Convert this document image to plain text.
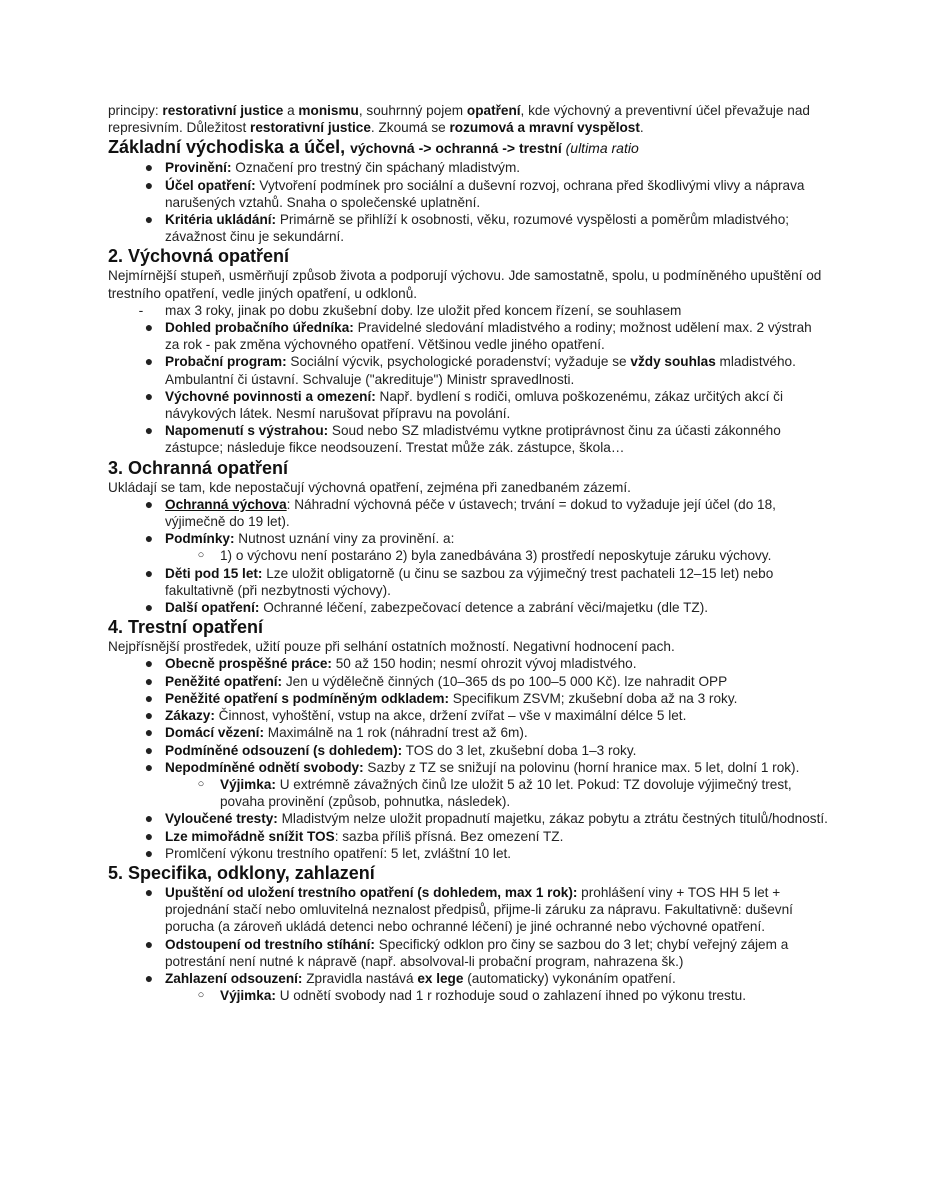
principy: restorativní justice a monismu, souhrnný pojem opatření, kde výchovný a preventivní účel převažuje nad represivním. Důležitost restorativní justice. Zkoumá se rozumová a mravní vyspělost.

Základní východiska a účel, výchovná -> ochranná -> trestní (ultima ratio
● Provinění: Označení pro trestný čin spáchaný mladistvým.
● Účel opatření: Vytvoření podmínek pro sociální a duševní rozvoj, ochrana před škodlivými vlivy a náprava narušených vztahů. Snaha o společenské uplatnění.
● Kritéria ukládání: Primárně se přihlíží k osobnosti, věku, rozumové vyspělosti a poměrům mladistvého; závažnost činu je sekundární.
2. Výchovná opatření

Nejmírnější stupeň, usměrňují způsob života a podporují výchovu. Jde samostatně, spolu, u podmíněného upuštění od trestního opatření, vedle jiných opatření, u odklonů.

-	max 3 roky, jinak po dobu zkušební doby. lze uložit před koncem řízení, se souhlasem
● Dohled probačního úředníka: Pravidelné sledování mladistvého a rodiny; možnost udělení max. 2 výstrah za rok - pak změna výchovného opatření. Většinou vedle jiného opatření.
● Probační program: Sociální výcvik, psychologické poradenství; vyžaduje se vždy souhlas mladistvého. Ambulantní či ústavní. Schvaluje ("akredituje") Ministr spravedlnosti.
● Výchovné povinnosti a omezení: Např. bydlení s rodiči, omluva poškozenému, zákaz určitých akcí či návykových látek. Nesmí narušovat přípravu na povolání.
● Napomenutí s výstrahou: Soud nebo SZ mladistvému vytkne protiprávnost činu za účasti zákonného zástupce; následuje fikce neodsouzení. Trestat může zák. zástupce, škola…
3. Ochranná opatření

Ukládají se tam, kde nepostačují výchovná opatření, zejména při zanedbaném zázemí.

● Ochranná výchova: Náhradní výchovná péče v ústavech; trvání = dokud to vyžaduje její účel (do 18, výjimečně do 19 let).
● Podmínky: Nutnost uznání viny za provinění. a:
○ 1) o výchovu není postaráno 2) byla zanedbávána 3) prostředí neposkytuje záruku výchovy.
● Děti pod 15 let: Lze uložit obligatorně (u činu se sazbou za výjimečný trest pachateli 12–15 let) nebo fakultativně (při nezbytnosti výchovy).
● Další opatření: Ochranné léčení, zabezpečovací detence a zabrání věci/majetku (dle TZ).
4. Trestní opatření

Nejpřísnější prostředek, užití pouze při selhání ostatních možností. Negativní hodnocení pach.

● Obecně prospěšné práce: 50 až 150 hodin; nesmí ohrozit vývoj mladistvého.
● Peněžité opatření: Jen u výdělečně činných (10–365 ds po 100–5 000 Kč). lze nahradit OPP
● Peněžité opatření s podmíněným odkladem: Specifikum ZSVM; zkušební doba až na 3 roky.
● Zákazy: Činnost, vyhoštění, vstup na akce, držení zvířat – vše v maximální délce 5 let.
● Domácí vězení: Maximálně na 1 rok (náhradní trest až 6m).
● Podmíněné odsouzení (s dohledem): TOS do 3 let, zkušební doba 1–3 roky.
● Nepodmíněné odnětí svobody: Sazby z TZ se snižují na polovinu (horní hranice max. 5 let, dolní 1 rok).
○ Výjimka: U extrémně závažných činů lze uložit 5 až 10 let. Pokud: TZ dovoluje výjimečný trest, povaha provinění (způsob, pohnutka, následek).
● Vyloučené tresty: Mladistvým nelze uložit propadnutí majetku, zákaz pobytu a ztrátu čestných titulů/hodností.
● Lze mimořádně snížit TOS: sazba příliš přísná. Bez omezení TZ.
● Promlčení výkonu trestního opatření: 5 let, zvláštní 10 let.
5. Specifika, odklony, zahlazení
● Upuštění od uložení trestního opatření (s dohledem, max 1 rok): prohlášení viny + TOS HH 5 let + projednání stačí nebo omluvitelná neznalost předpisů, přijme-li záruku za nápravu. Fakultativně: duševní porucha (a zároveň ukládá detenci nebo ochranné léčení) je jiné ochranné nebo výchovné opatření.
● Odstoupení od trestního stíhání: Specifický odklon pro činy se sazbou do 3 let; chybí veřejný zájem a potrestání není nutné k nápravě (např. absolvoval-li probační program, nahrazena šk.)
● Zahlazení odsouzení: Zpravidla nastává ex lege (automaticky) vykonáním opatření.
○ Výjimka: U odnětí svobody nad 1 r rozhoduje soud o zahlazení ihned po výkonu trestu.
